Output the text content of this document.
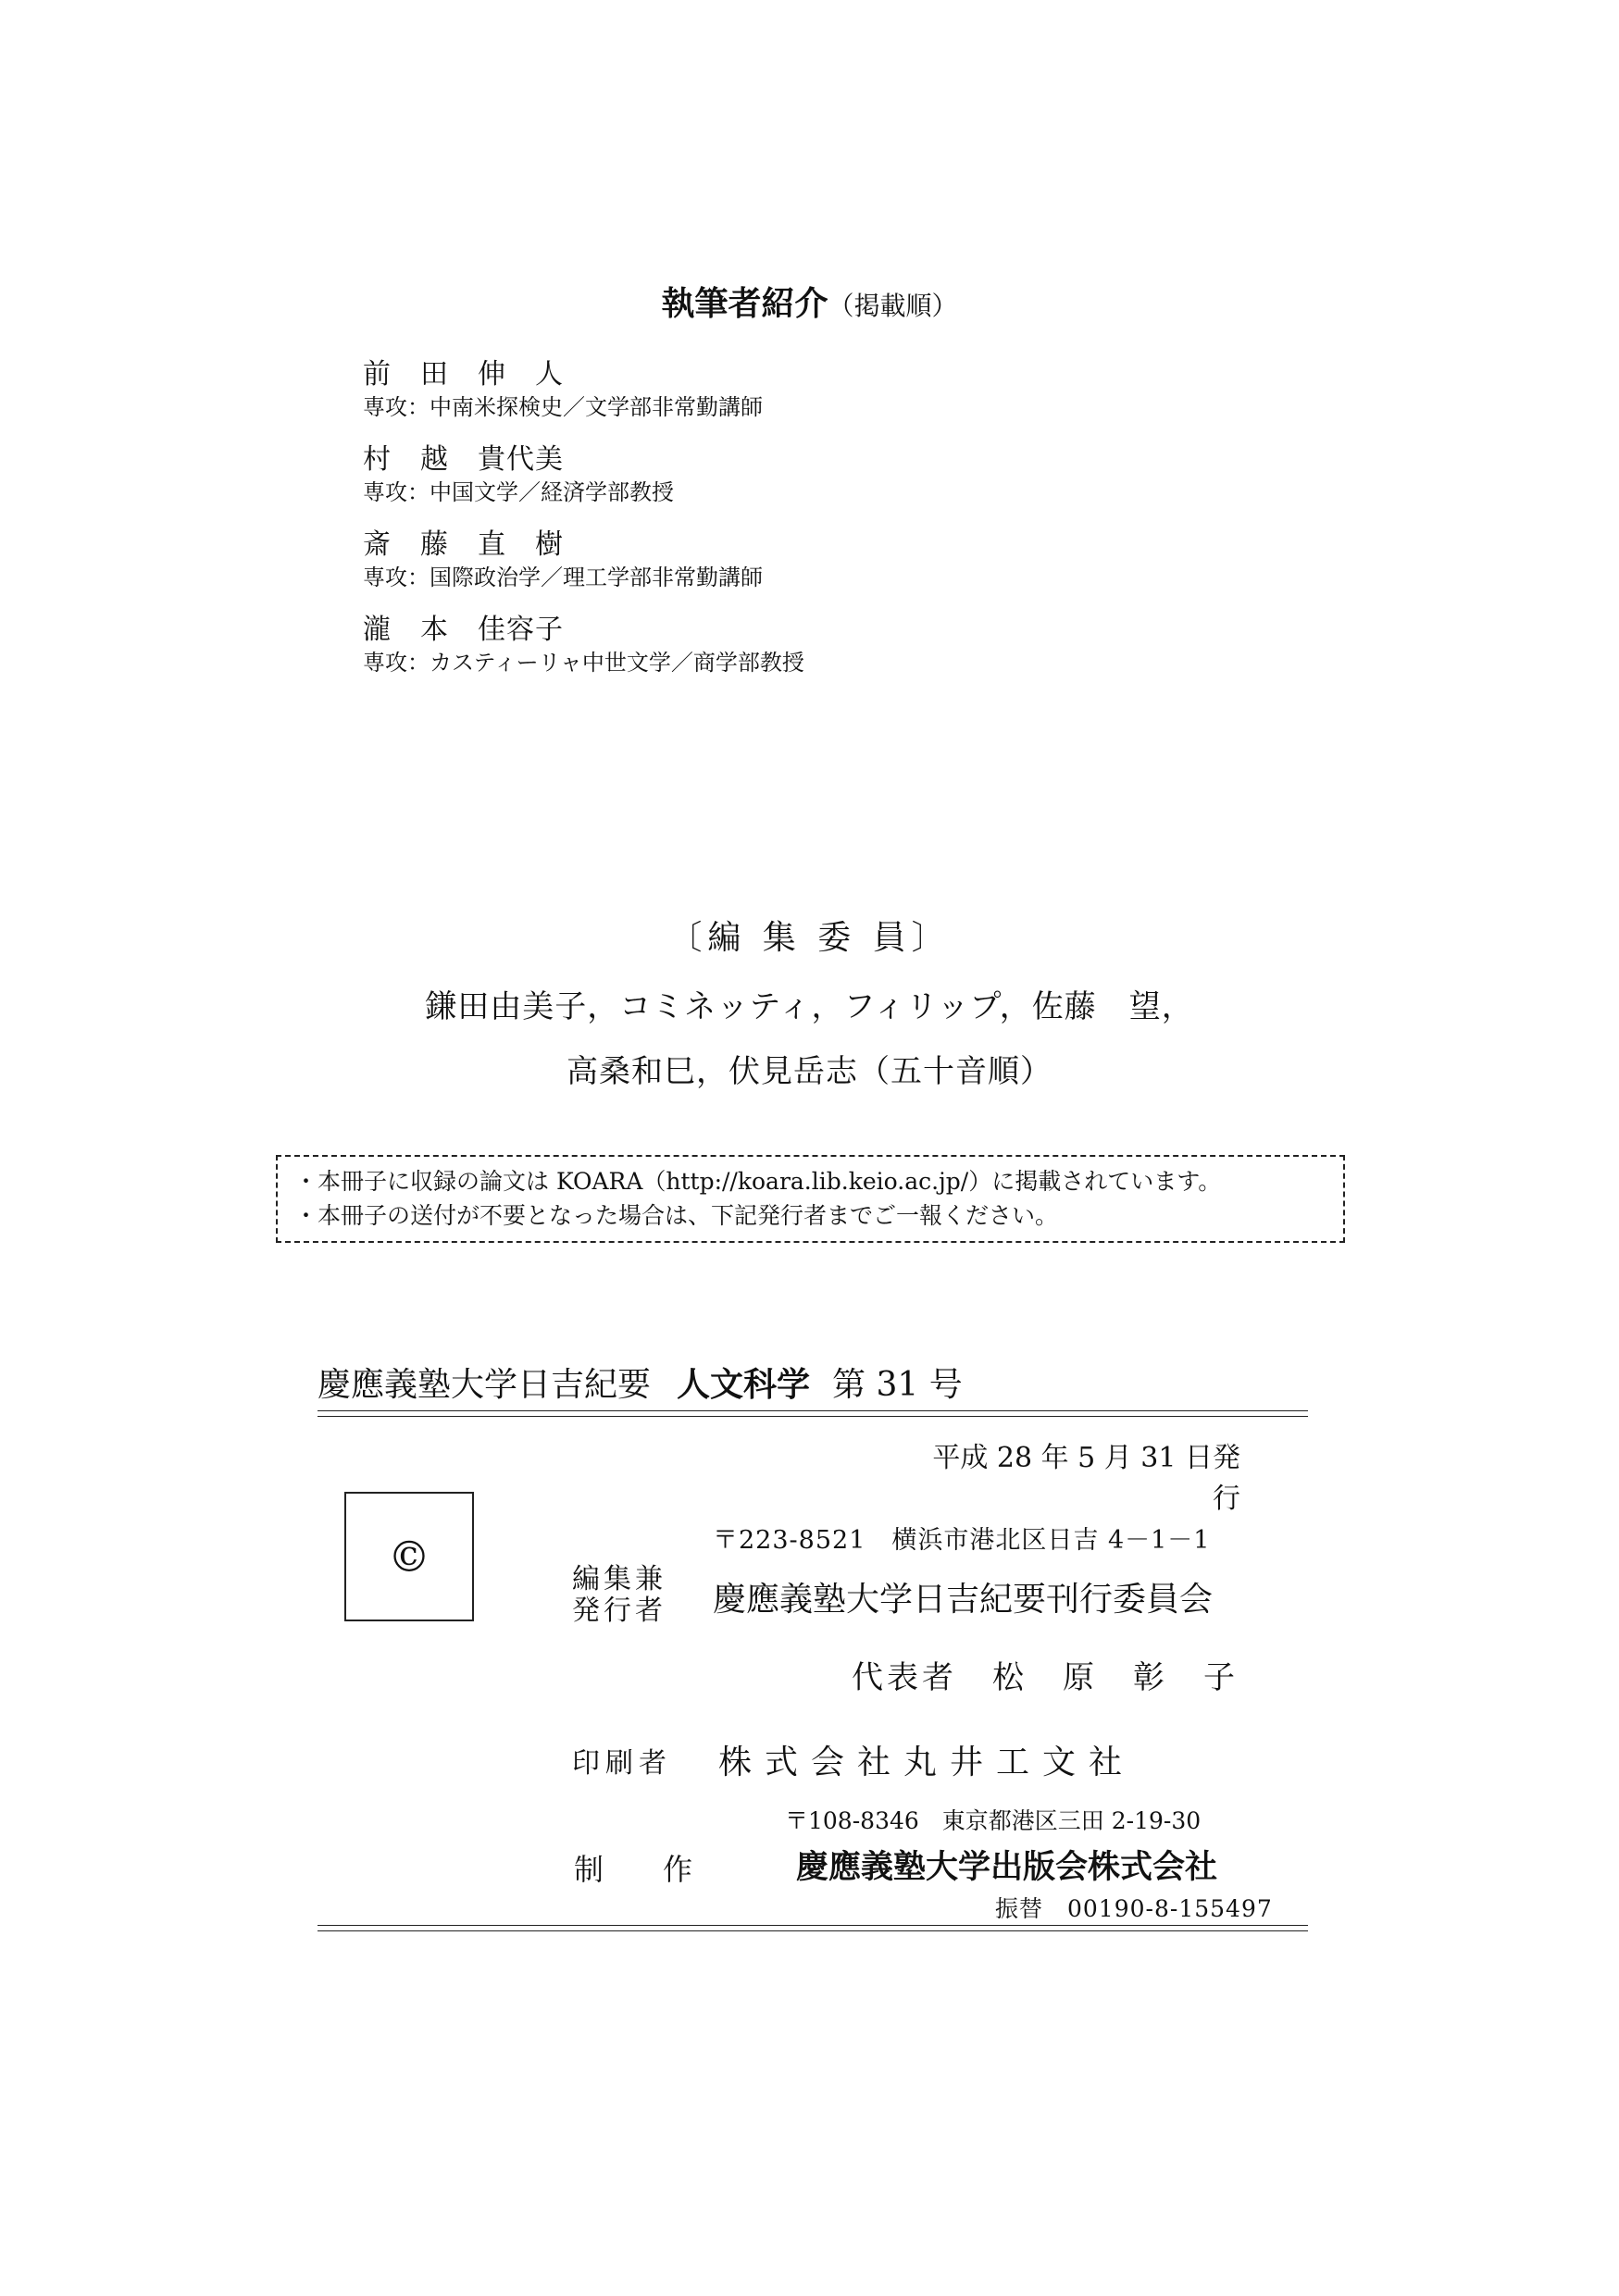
執筆者紹介（掲載順）
前　田　伸　人
専攻：中南米探検史／文学部非常勤講師
村　越　貴代美
専攻：中国文学／経済学部教授
斎　藤　直　樹
専攻：国際政治学／理工学部非常勤講師
瀧　本　佳容子
専攻：カスティーリャ中世文学／商学部教授
〔編 集 委 員〕
鎌田由美子，コミネッティ，フィリップ，佐藤　望，
高桑和巳，伏見岳志（五十音順）

・本冊子に収録の論文は KOARA（http://koara.lib.keio.ac.jp/）に掲載されています。

・本冊子の送付が不要となった場合は、下記発行者までご一報ください。

慶應義塾大学日吉紀要 人文科学 第 31 号
平成 28 年 5 月 31 日発行
©	〒223-8521　横浜市港北区日吉 4－1－1
編集兼
発行者	慶應義塾大学日吉紀要刊行委員会
代表者　松　原　彰　子
印刷者 株式会社丸井工文社
〒108-8346　東京都港区三田 2-19-30
制　　作	慶應義塾大学出版会株式会社
振替　00190-8-155497
